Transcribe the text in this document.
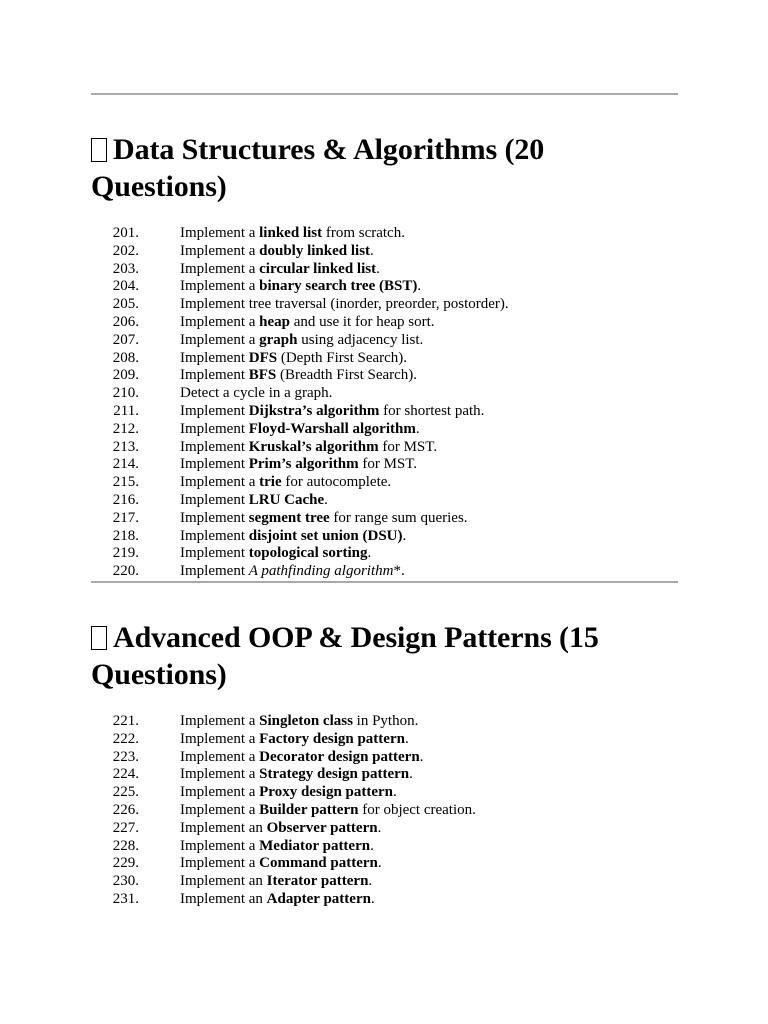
Data Structures & Algorithms (20 Questions)
201.	Implement a linked list from scratch.
202.	Implement a doubly linked list.
203.	Implement a circular linked list.
204.	Implement a binary search tree (BST).
205.	Implement tree traversal (inorder, preorder, postorder).
206.	Implement a heap and use it for heap sort.
207.	Implement a graph using adjacency list.
208.	Implement DFS (Depth First Search).
209.	Implement BFS (Breadth First Search).
210.	Detect a cycle in a graph.
211.	Implement Dijkstra’s algorithm for shortest path.
212.	Implement Floyd-Warshall algorithm.
213.	Implement Kruskal’s algorithm for MST.
214.	Implement Prim’s algorithm for MST.
215.	Implement a trie for autocomplete.
216.	Implement LRU Cache.
217.	Implement segment tree for range sum queries.
218.	Implement disjoint set union (DSU).
219.	Implement topological sorting.
220.	Implement A pathfinding algorithm*.
Advanced OOP & Design Patterns (15 Questions)
221.	Implement a Singleton class in Python.
222.	Implement a Factory design pattern.
223.	Implement a Decorator design pattern.
224.	Implement a Strategy design pattern.
225.	Implement a Proxy design pattern.
226.	Implement a Builder pattern for object creation.
227.	Implement an Observer pattern.
228.	Implement a Mediator pattern.
229.	Implement a Command pattern.
230.	Implement an Iterator pattern.
231.	Implement an Adapter pattern.
